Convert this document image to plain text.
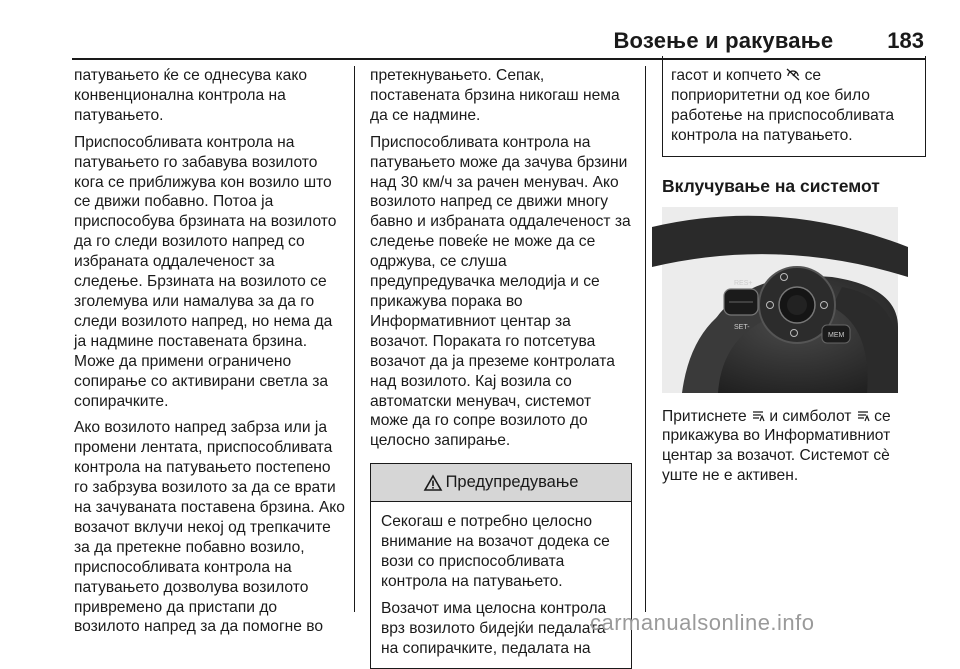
Возење и ракување 183

патувањето ќе се однесува како конвенционална контрола на патувањето.

Приспособливата контрола на патувањето го забавува возилото кога се приближува кон возило што се движи побавно. Потоа ја приспособува брзината на возилото да го следи возилото напред со избраната оддалеченост за следење. Брзината на возилото се зголемува или намалува за да го следи возилото напред, но нема да ја надмине поставената брзина. Може да примени ограничено сопирање со активирани светла за сопирачките.

Ако возилото напред забрза или ја промени лентата, приспособливата контрола на патувањето постепено го забрзува возилото за да се врати на зачуваната поставена брзина. Ако возачот вклучи некој од трепкачите за да претекне побавно возило, приспособливата контрола на патувањето дозволува возилото привремено да пристапи до возилото напред за да помогне во

претекнувањето. Сепак, поставената брзина никогаш нема да се надмине.

Приспособливата контрола на патувањето може да зачува брзини над 30 км/ч за рачен менувач. Ако возилото напред се движи многу бавно и избраната оддалеченост за следење повеќе не може да се одржува, се слуша предупредувачка мелодија и се прикажува порака во Информативниот центар за возачот. Пораката го потсетува возачот да ја преземе контролата над возилото. Кај возила со автоматски менувач, системот може да го сопре возилото до целосно запирање.

Предупредување

Секогаш е потребно целосно внимание на возачот додека се вози со приспособливата контрола на патувањето.

Возачот има целосна контрола врз возилото бидејќи педалата на сопирачките, педалата на

гасот и копчето се поприоритетни од кое било работење на приспособливата контрола на патувањето.
Вклучување на системот
RES+
SET-
MEM

Притиснете и симболот се прикажува во Информативниот центар за возачот. Системот сè уште не е активен.

carmanualsonline.info
